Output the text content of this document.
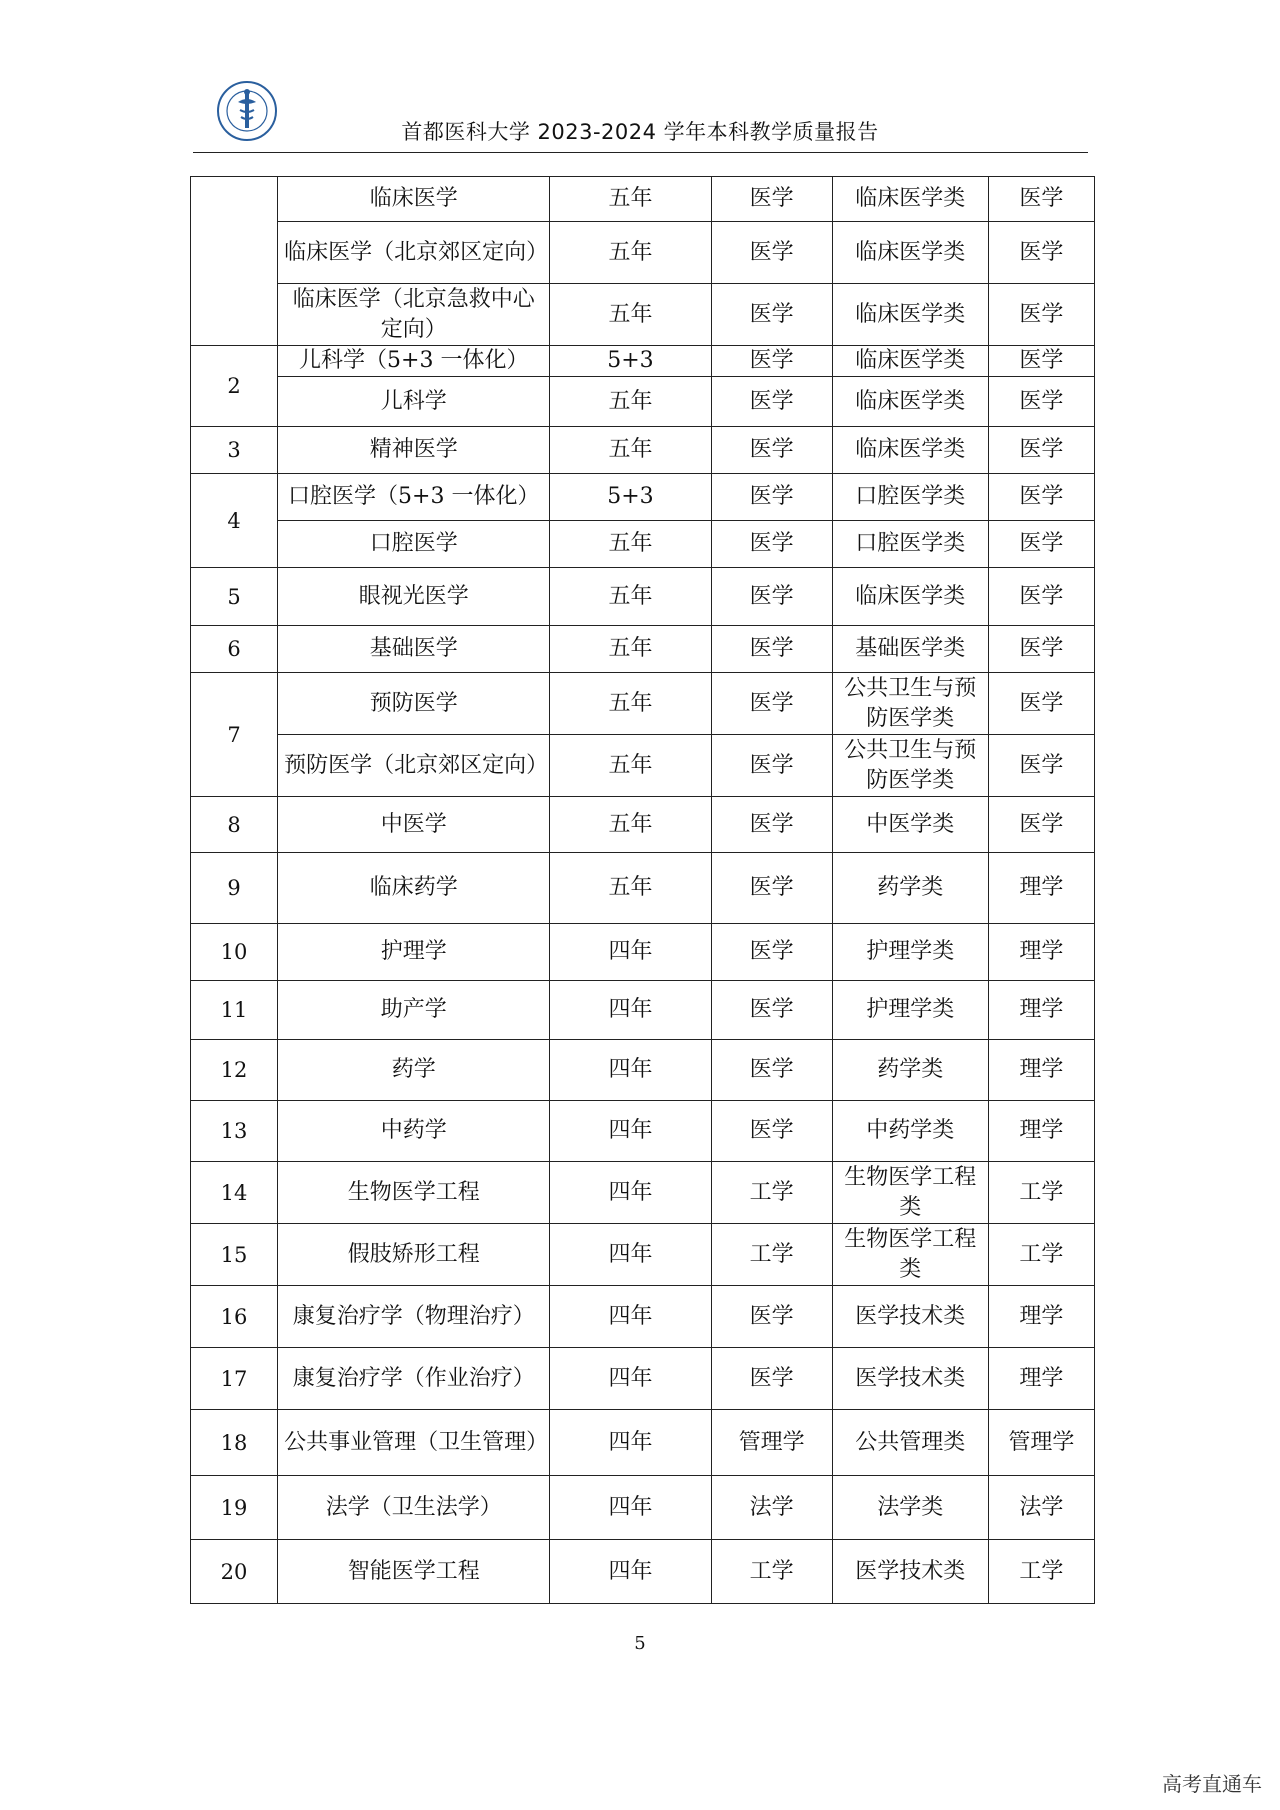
首都医科大学 2023-2024 学年本科教学质量报告
	临床医学	五年	医学	临床医学类	医学
	临床医学（北京郊区定向）	五年	医学	临床医学类	医学
	临床医学（北京急救中心定向）	五年	医学	临床医学类	医学
2	儿科学（5+3 一体化）	5+3	医学	临床医学类	医学
	儿科学	五年	医学	临床医学类	医学
3	精神医学	五年	医学	临床医学类	医学
4	口腔医学（5+3 一体化）	5+3	医学	口腔医学类	医学
	口腔医学	五年	医学	口腔医学类	医学
5	眼视光医学	五年	医学	临床医学类	医学
6	基础医学	五年	医学	基础医学类	医学
7	预防医学	五年	医学	公共卫生与预防医学类	医学
	预防医学（北京郊区定向）	五年	医学	公共卫生与预防医学类	医学
8	中医学	五年	医学	中医学类	医学
9	临床药学	五年	医学	药学类	理学
10	护理学	四年	医学	护理学类	理学
11	助产学	四年	医学	护理学类	理学
12	药学	四年	医学	药学类	理学
13	中药学	四年	医学	中药学类	理学
14	生物医学工程	四年	工学	生物医学工程类	工学
15	假肢矫形工程	四年	工学	生物医学工程类	工学
16	康复治疗学（物理治疗）	四年	医学	医学技术类	理学
17	康复治疗学（作业治疗）	四年	医学	医学技术类	理学
18	公共事业管理（卫生管理）	四年	管理学	公共管理类	管理学
19	法学（卫生法学）	四年	法学	法学类	法学
20	智能医学工程	四年	工学	医学技术类	工学
5
高考直通车
